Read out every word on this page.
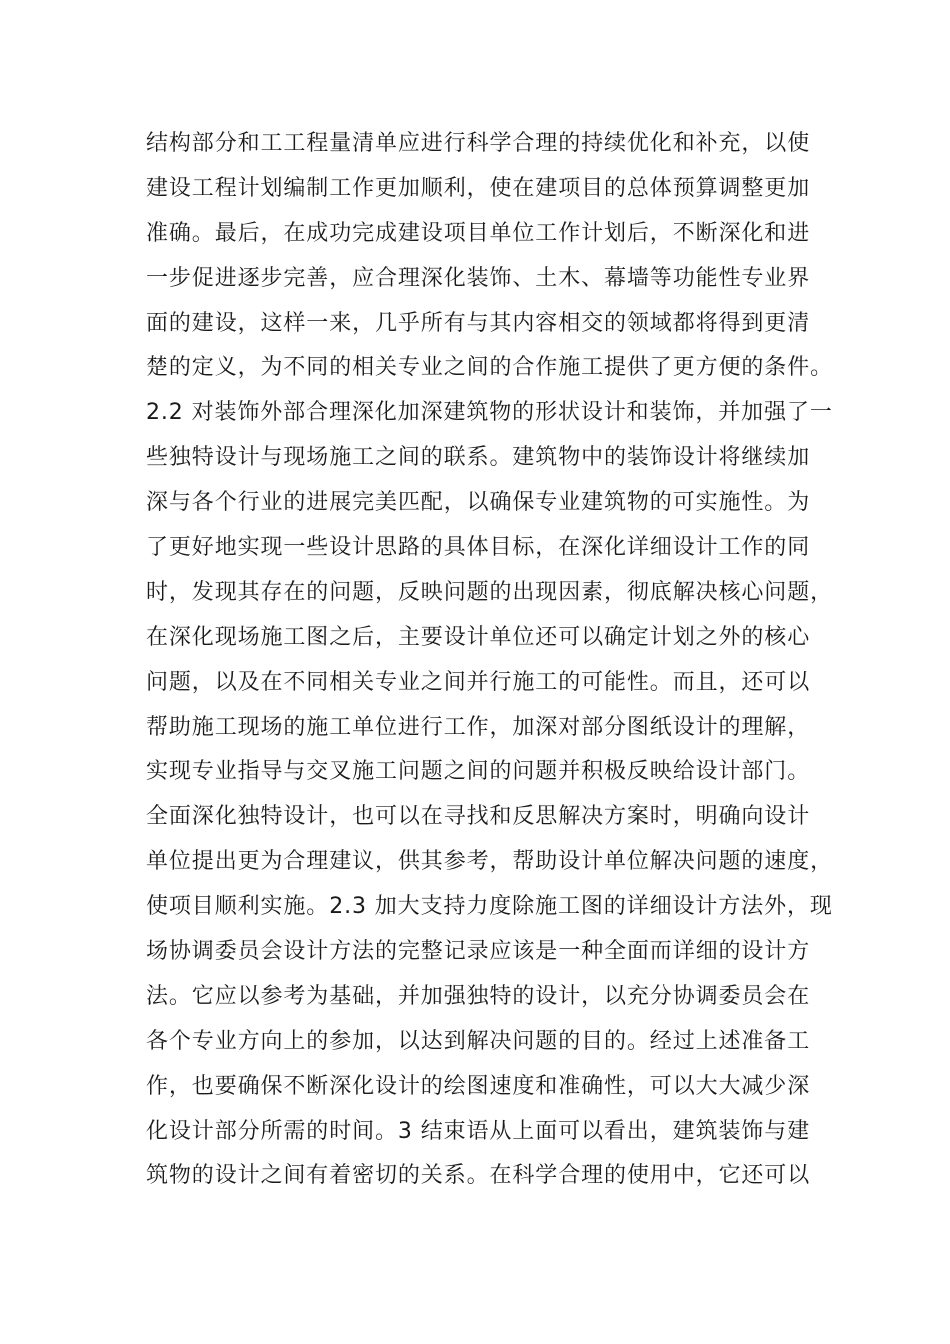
结构部分和工工程量清单应进行科学合理的持续优化和补充，以使
建设工程计划编制工作更加顺利，使在建项目的总体预算调整更加
准确。最后，在成功完成建设项目单位工作计划后，不断深化和进
一步促进逐步完善，应合理深化装饰、土木、幕墙等功能性专业界
面的建设，这样一来，几乎所有与其内容相交的领域都将得到更清
楚的定义，为不同的相关专业之间的合作施工提供了更方便的条件。
2.2 对装饰外部合理深化加深建筑物的形状设计和装饰，并加强了一
些独特设计与现场施工之间的联系。建筑物中的装饰设计将继续加
深与各个行业的进展完美匹配，以确保专业建筑物的可实施性。为
了更好地实现一些设计思路的具体目标，在深化详细设计工作的同
时，发现其存在的问题，反映问题的出现因素，彻底解决核心问题，
在深化现场施工图之后，主要设计单位还可以确定计划之外的核心
问题，以及在不同相关专业之间并行施工的可能性。而且，还可以
帮助施工现场的施工单位进行工作，加深对部分图纸设计的理解，
实现专业指导与交叉施工问题之间的问题并积极反映给设计部门。
全面深化独特设计，也可以在寻找和反思解决方案时，明确向设计
单位提出更为合理建议，供其参考，帮助设计单位解决问题的速度，
使项目顺利实施。2.3 加大支持力度除施工图的详细设计方法外，现
场协调委员会设计方法的完整记录应该是一种全面而详细的设计方
法。它应以参考为基础，并加强独特的设计，以充分协调委员会在
各个专业方向上的参加，以达到解决问题的目的。经过上述准备工
作，也要确保不断深化设计的绘图速度和准确性，可以大大减少深
化设计部分所需的时间。3 结束语从上面可以看出，建筑装饰与建
筑物的设计之间有着密切的关系。在科学合理的使用中，它还可以
